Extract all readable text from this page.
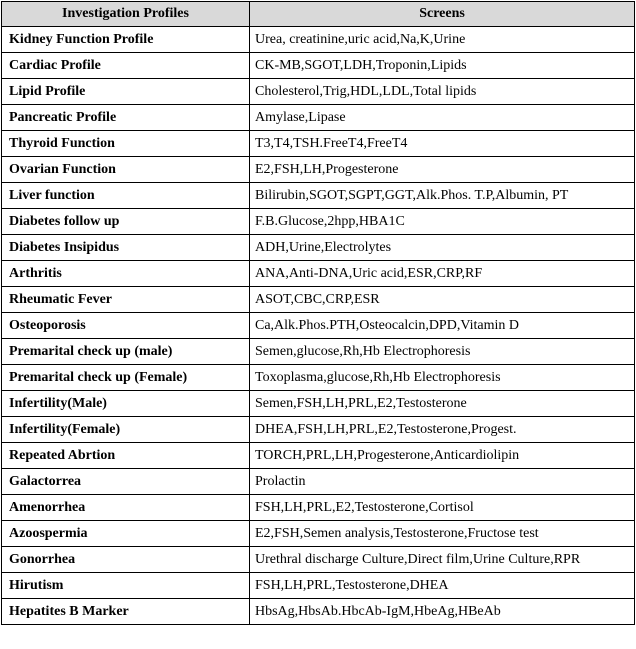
Investigation Profiles	Screens
Kidney Function Profile	Urea, creatinine,uric acid,Na,K,Urine
Cardiac Profile	CK-MB,SGOT,LDH,Troponin,Lipids
Lipid Profile	Cholesterol,Trig,HDL,LDL,Total lipids
Pancreatic Profile	Amylase,Lipase
Thyroid Function	T3,T4,TSH.FreeT4,FreeT4
Ovarian Function	E2,FSH,LH,Progesterone
Liver function	Bilirubin,SGOT,SGPT,GGT,Alk.Phos. T.P,Albumin, PT
Diabetes follow up	F.B.Glucose,2hpp,HBA1C
Diabetes Insipidus	ADH,Urine,Electrolytes
Arthritis	ANA,Anti-DNA,Uric acid,ESR,CRP,RF
Rheumatic Fever	ASOT,CBC,CRP,ESR
Osteoporosis	Ca,Alk.Phos.PTH,Osteocalcin,DPD,Vitamin D
Premarital check up (male)	Semen,glucose,Rh,Hb Electrophoresis
Premarital check up (Female)	Toxoplasma,glucose,Rh,Hb Electrophoresis
Infertility(Male)	Semen,FSH,LH,PRL,E2,Testosterone
Infertility(Female)	DHEA,FSH,LH,PRL,E2,Testosterone,Progest.
Repeated Abrtion	TORCH,PRL,LH,Progesterone,Anticardiolipin
Galactorrea	Prolactin
Amenorrhea	FSH,LH,PRL,E2,Testosterone,Cortisol
Azoospermia	E2,FSH,Semen analysis,Testosterone,Fructose test
Gonorrhea	Urethral discharge Culture,Direct film,Urine Culture,RPR
Hirutism	FSH,LH,PRL,Testosterone,DHEA
Hepatites B Marker	HbsAg,HbsAb.HbcAb-IgM,HbeAg,HBeAb
